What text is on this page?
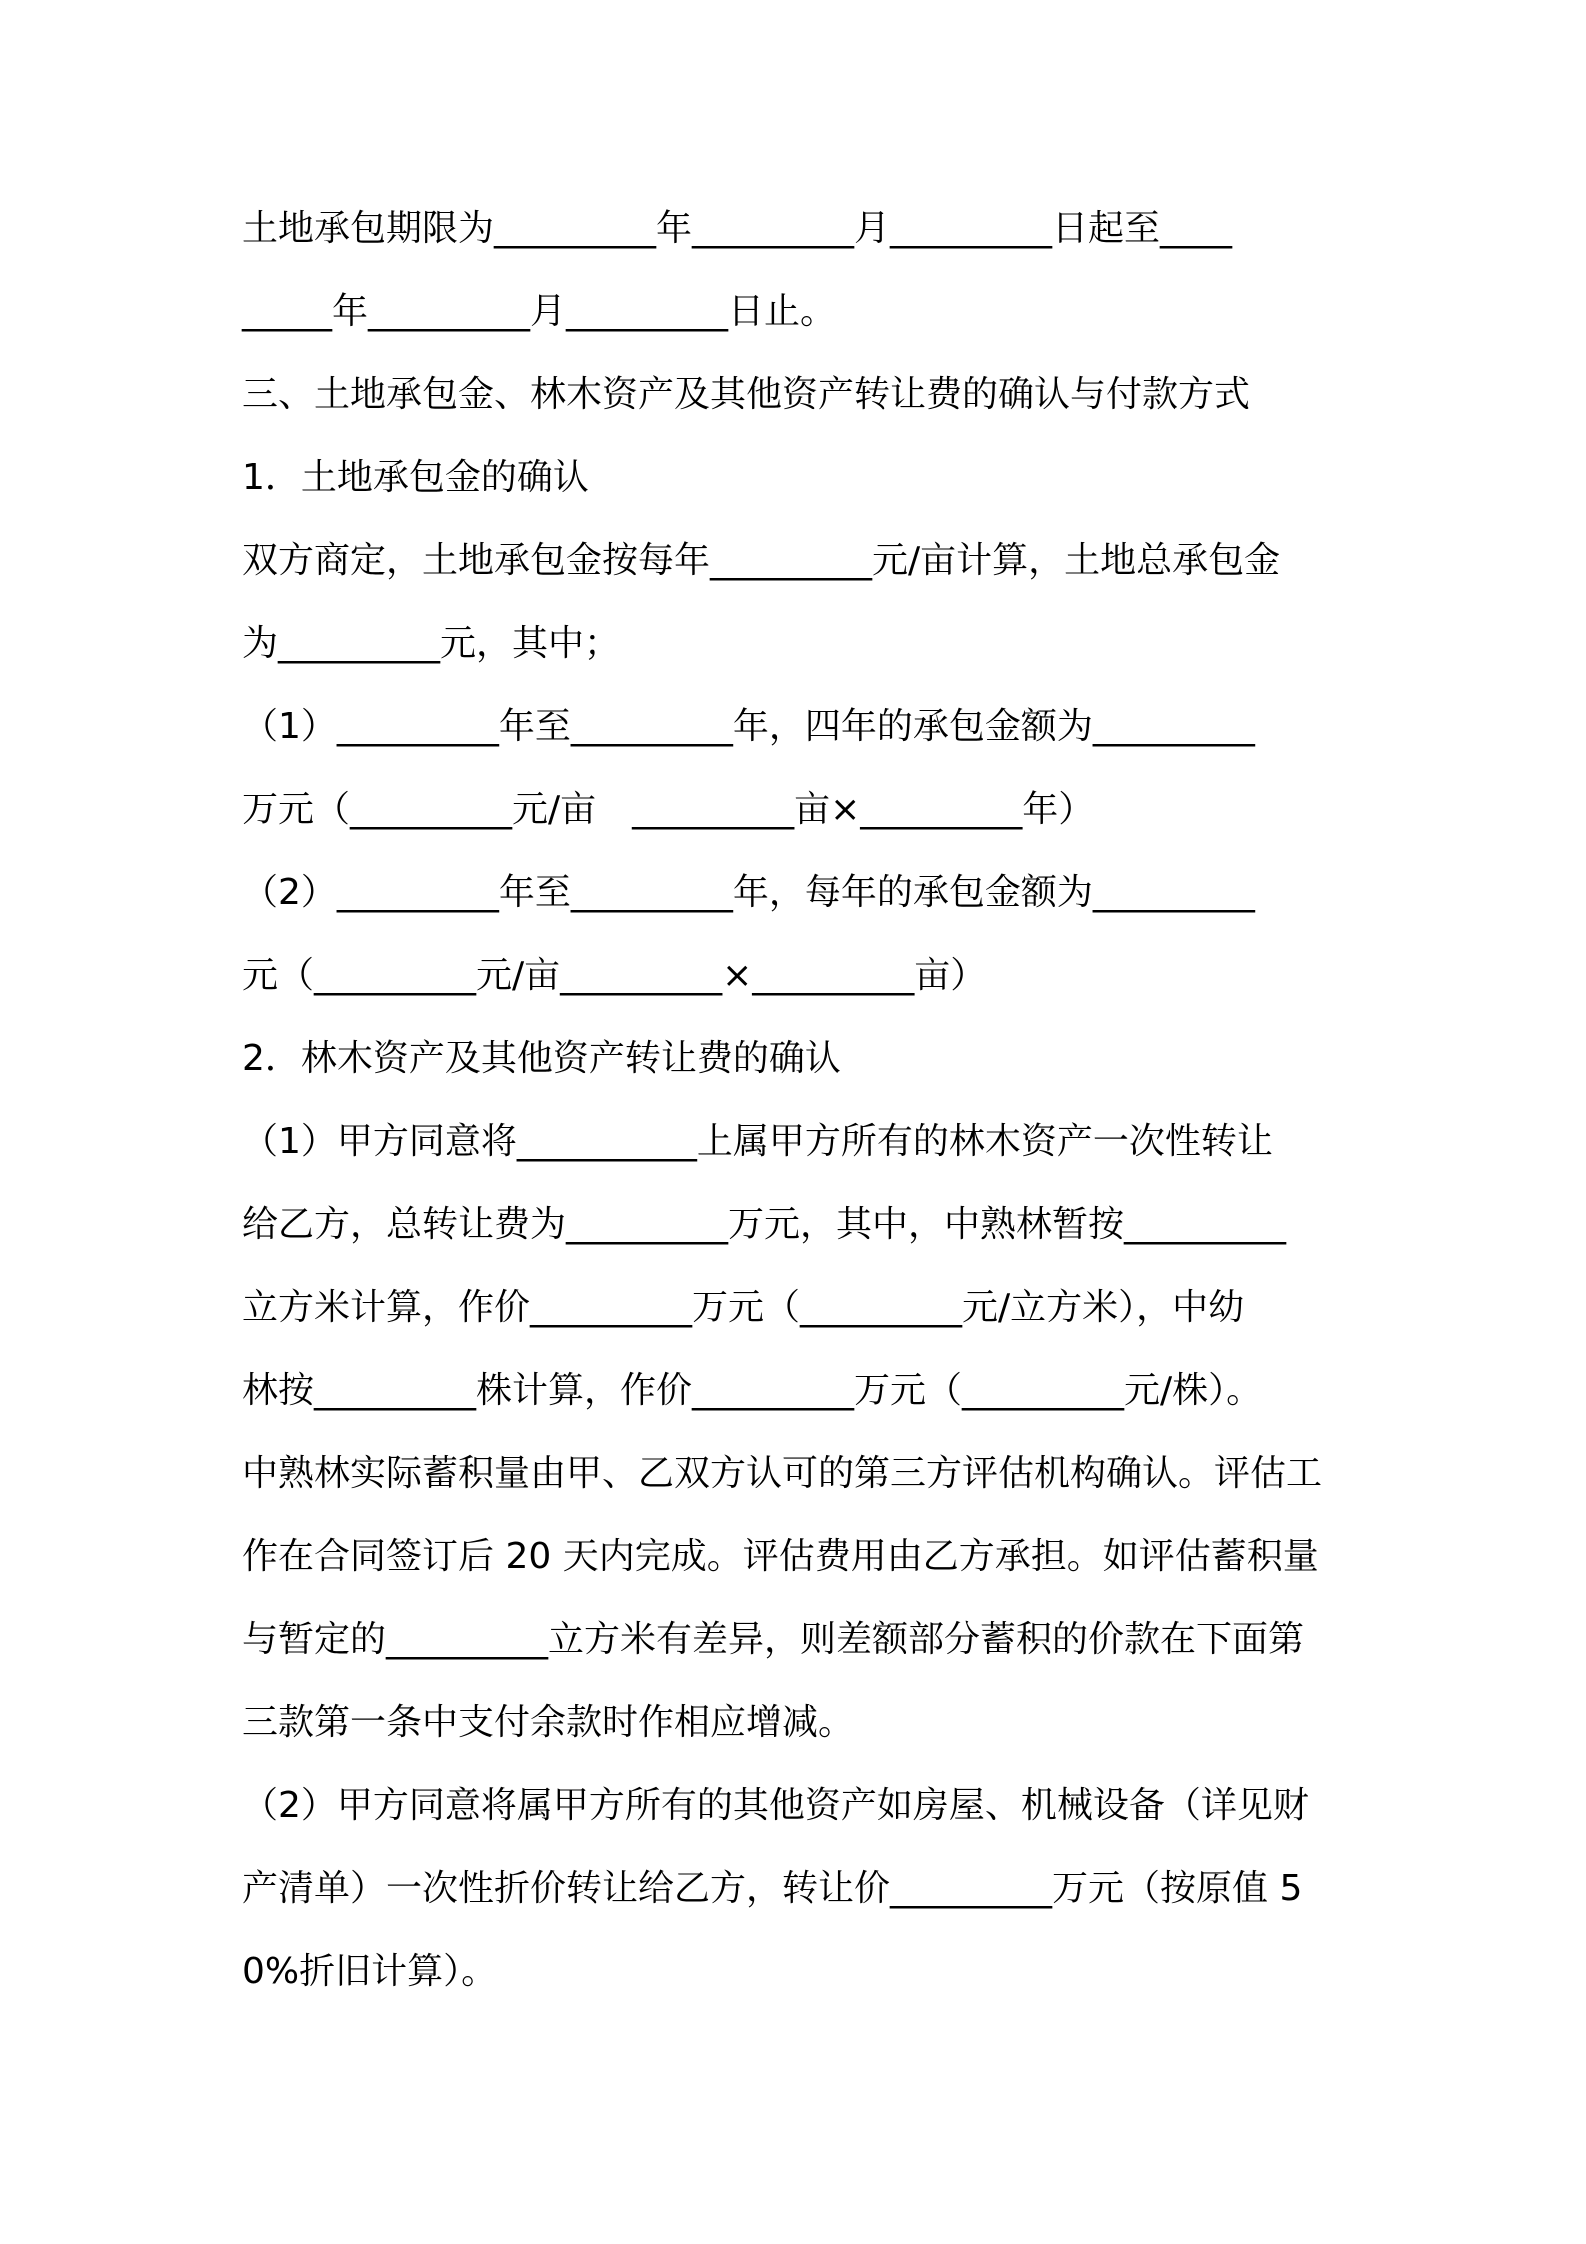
土地承包期限为_________年_________月_________日起至____
_____年_________月_________日止。
三、土地承包金、林木资产及其他资产转让费的确认与付款方式
1．土地承包金的确认
双方商定，土地承包金按每年_________元/亩计算，土地总承包金
为_________元，其中；
（1）_________年至_________年，四年的承包金额为_________
万元（_________元/亩　_________亩×_________年）
（2）_________年至_________年，每年的承包金额为_________
元（_________元/亩_________×_________亩）
2．林木资产及其他资产转让费的确认
（1）甲方同意将__________上属甲方所有的林木资产一次性转让
给乙方，总转让费为_________万元，其中，中熟林暂按_________
立方米计算，作价_________万元（_________元/立方米），中幼
林按_________株计算，作价_________万元（_________元/株）。
中熟林实际蓄积量由甲、乙双方认可的第三方评估机构确认。评估工
作在合同签订后 20 天内完成。评估费用由乙方承担。如评估蓄积量
与暂定的_________立方米有差异，则差额部分蓄积的价款在下面第
三款第一条中支付余款时作相应增减。
（2）甲方同意将属甲方所有的其他资产如房屋、机械设备（详见财
产清单）一次性折价转让给乙方，转让价_________万元（按原值 5
0%折旧计算）。
